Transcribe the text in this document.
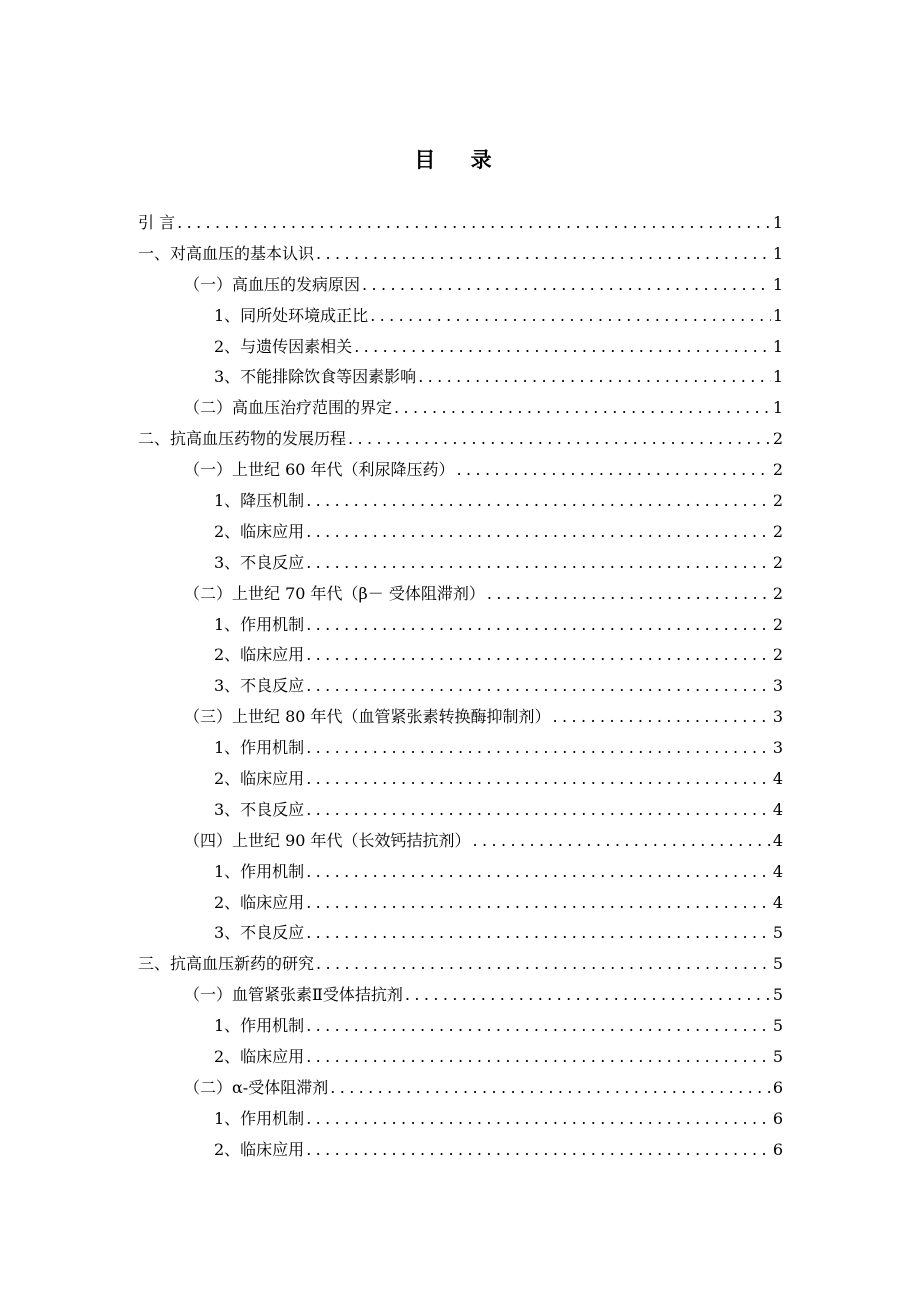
目 录
引 言 .....	1
一、对高血压的基本认识 .....	1
（一）高血压的发病原因 .....	1
1、同所处环境成正比 .....	1
2、与遗传因素相关 .....	1
3、不能排除饮食等因素影响 .....	1
（二）高血压治疗范围的界定 .....	1
二、抗高血压药物的发展历程 .....	2
（一）上世纪 60 年代（利尿降压药） .....	2
1、降压机制 .....	2
2、临床应用 .....	2
3、不良反应 .....	2
（二）上世纪 70 年代（β－ 受体阻滞剂） .....	2
1、作用机制 .....	2
2、临床应用 .....	2
3、不良反应 .....	3
（三）上世纪 80 年代（血管紧张素转换酶抑制剂） .....	3
1、作用机制 .....	3
2、临床应用 .....	4
3、不良反应 .....	4
（四）上世纪 90 年代（长效钙拮抗剂） .....	4
1、作用机制 .....	4
2、临床应用 .....	4
3、不良反应 .....	5
三、抗高血压新药的研究 .....	5
（一）血管紧张素Ⅱ受体拮抗剂 .....	5
1、作用机制 .....	5
2、临床应用 .....	5
（二）α-受体阻滞剂 .....	6
1、作用机制 .....	6
2、临床应用 .....	6
